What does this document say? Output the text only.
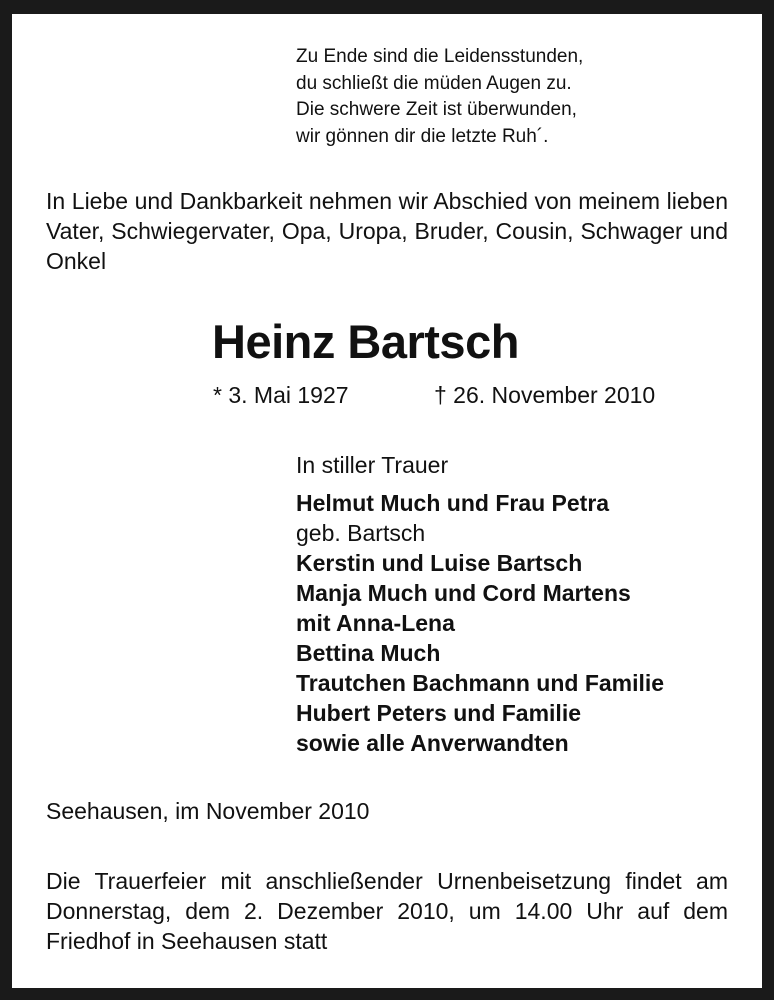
Zu Ende sind die Leidensstunden,
du schließt die müden Augen zu.
Die schwere Zeit ist überwunden,
wir gönnen dir die letzte Ruh´.

In Liebe und Dankbarkeit nehmen wir Abschied von meinem lieben Vater, Schwiegervater, Opa, Uropa, Bruder, Cousin, Schwager und Onkel

Heinz Bartsch
* 3. Mai 1927	† 26. November 2010
In stiller Trauer
Helmut Much und Frau Petra
geb. Bartsch
Kerstin und Luise Bartsch
Manja Much und Cord Martens
mit Anna-Lena
Bettina Much
Trautchen Bachmann und Familie
Hubert Peters und Familie
sowie alle Anverwandten
Seehausen, im November 2010

Die Trauerfeier mit anschließender Urnenbeisetzung findet am Donnerstag, dem 2. Dezember 2010, um 14.00 Uhr auf dem Friedhof in Seehausen statt
